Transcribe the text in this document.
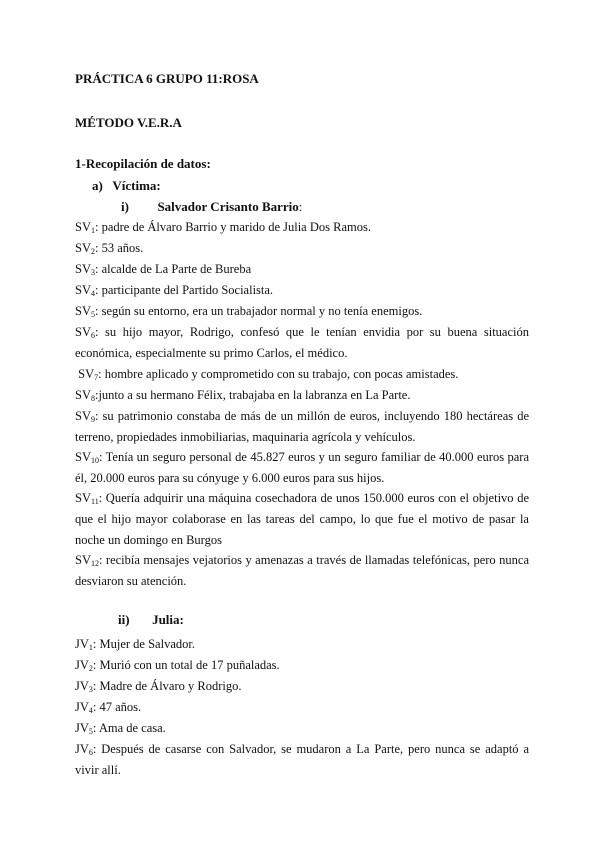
PRÁCTICA 6 GRUPO 11:ROSA
MÉTODO V.E.R.A
1-Recopilación de datos:
a) Víctima:
i) Salvador Crisanto Barrio:
$SV_1$: padre de Álvaro Barrio y marido de Julia Dos Ramos.
$SV_2$: 53 años.
$SV_3$: alcalde de La Parte de Bureba
$SV_4$: participante del Partido Socialista.
$SV_5$: según su entorno, era un trabajador normal y no tenía enemigos.
$SV_6$: su hijo mayor, Rodrigo, confesó que le tenían envidia por su buena situación económica, especialmente su primo Carlos, el médico.
$SV_7$: hombre aplicado y comprometido con su trabajo, con pocas amistades.
$SV_8:junto$ a su hermano Félix, trabajaba en la labranza en La Parte.
$SV_9$: su patrimonio constaba de más de un millón de euros, incluyendo 180 hectáreas de terreno, propiedades inmobiliarias, maquinaria agrícola y vehículos.
$SV_{10}$: Tenía un seguro personal de 45.827 euros y un seguro familiar de 40.000 euros para él, 20.000 euros para su cónyuge y 6.000 euros para sus hijos.
$SV_{11}$: Quería adquirir una máquina cosechadora de unos 150.000 euros con el objetivo de que el hijo mayor colaborase en las tareas del campo, lo que fue el motivo de pasar la noche un domingo en Burgos
$SV_{12}$: recibía mensajes vejatorios y amenazas a través de llamadas telefónicas, pero nunca desviaron su atención.
ii) Julia:
$JV_1$: Mujer de Salvador.
$JV_2$: Murió con un total de 17 puñaladas.
$JV_3$: Madre de Álvaro y Rodrigo.
$JV_4$: 47 años.
$JV_5$: Ama de casa.
$JV_6$: Después de casarse con Salvador, se mudaron a La Parte, pero nunca se adaptó a vivir allí.
